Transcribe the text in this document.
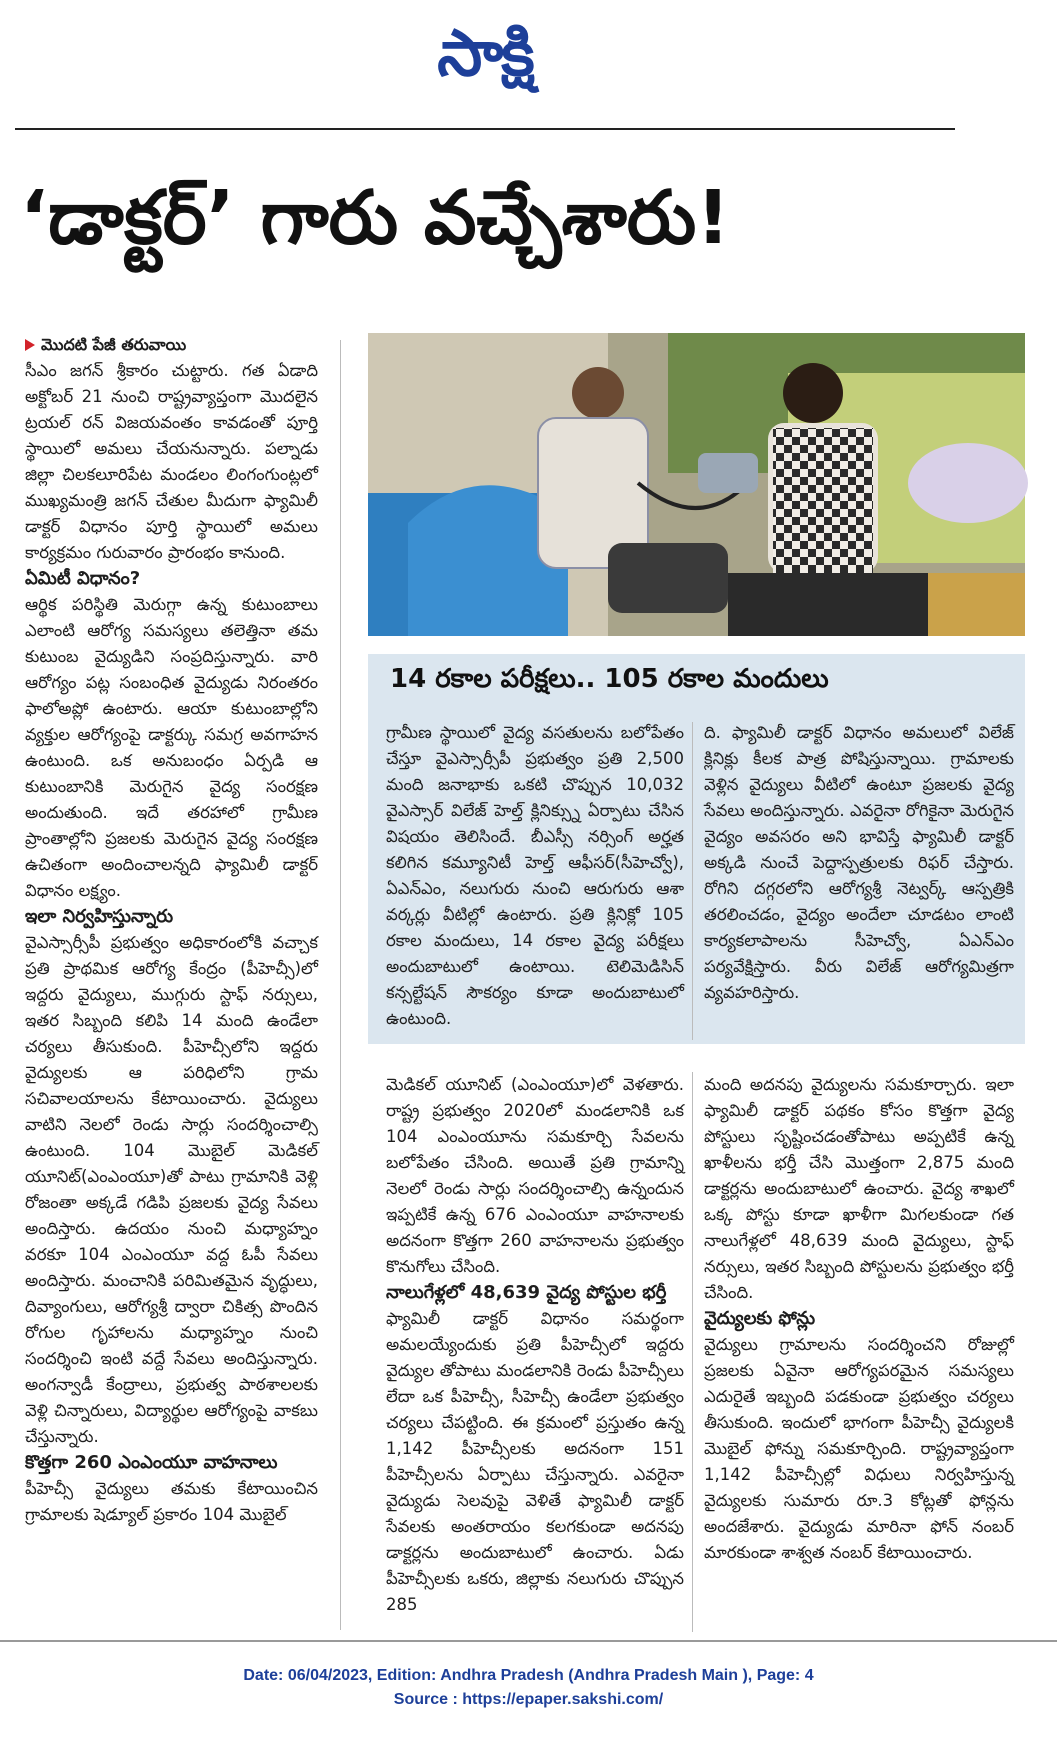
సాక్షి
‘డాక్టర్’ గారు వచ్చేశారు!
మొదటి పేజీ తరువాయి

సీఎం జగన్ శ్రీకారం చుట్టారు. గత ఏడాది అక్టోబర్ 21 నుంచి రాష్ట్రవ్యాప్తంగా మొదలైన ట్రయల్ రన్ విజయవంతం కావడంతో పూర్తి స్థాయిలో అమలు చేయనున్నారు. పల్నాడు జిల్లా చిలకలూరిపేట మండలం లింగంగుంట్లలో ముఖ్యమంత్రి జగన్ చేతుల మీదుగా ఫ్యామిలీ డాక్టర్ విధానం పూర్తి స్థాయిలో అమలు కార్యక్రమం గురువారం ప్రారంభం కానుంది.

ఏమిటీ విధానం?

ఆర్థిక పరిస్థితి మెరుగ్గా ఉన్న కుటుంబాలు ఎలాంటి ఆరోగ్య సమస్యలు తలెత్తినా తమ కుటుంబ వైద్యుడిని సంప్రదిస్తున్నారు. వారి ఆరోగ్యం పట్ల సంబంధిత వైద్యుడు నిరంతరం ఫాలోఅప్లో ఉంటారు. ఆయా కుటుంబాల్లోని వ్యక్తుల ఆరోగ్యంపై డాక్టర్కు సమగ్ర అవగాహన ఉంటుంది. ఒక అనుబంధం ఏర్పడి ఆ కుటుంబానికి మెరుగైన వైద్య సంరక్షణ అందుతుంది. ఇదే తరహాలో గ్రామీణ ప్రాంతాల్లోని ప్రజలకు మెరుగైన వైద్య సంరక్షణ ఉచితంగా అందించాలన్నది ఫ్యామిలీ డాక్టర్ విధానం లక్ష్యం.

ఇలా నిర్వహిస్తున్నారు

వైఎస్సార్సీపీ ప్రభుత్వం అధికారంలోకి వచ్చాక ప్రతి ప్రాథమిక ఆరోగ్య కేంద్రం (పీహెచ్సీ)లో ఇద్దరు వైద్యులు, ముగ్గురు స్టాఫ్ నర్సులు, ఇతర సిబ్బంది కలిపి 14 మంది ఉండేలా చర్యలు తీసుకుంది. పీహెచ్సీలోని ఇద్దరు వైద్యులకు ఆ పరిధిలోని గ్రామ సచివాలయాలను కేటాయించారు. వైద్యులు వాటిని నెలలో రెండు సార్లు సందర్శించాల్సి ఉంటుంది. 104 మొబైల్ మెడికల్ యూనిట్(ఎంఎంయూ)తో పాటు గ్రామానికి వెళ్లి రోజంతా అక్కడే గడిపి ప్రజలకు వైద్య సేవలు అందిస్తారు. ఉదయం నుంచి మధ్యాహ్నం వరకూ 104 ఎంఎంయూ వద్ద ఓపీ సేవలు అందిస్తారు. మంచానికి పరిమితమైన వృద్ధులు, దివ్యాంగులు, ఆరోగ్యశ్రీ ద్వారా చికిత్స పొందిన రోగుల గృహాలను మధ్యాహ్నం నుంచి సందర్శించి ఇంటి వద్దే సేవలు అందిస్తున్నారు. అంగన్వాడీ కేంద్రాలు, ప్రభుత్వ పాఠశాలలకు వెళ్లి చిన్నారులు, విద్యార్థుల ఆరోగ్యంపై వాకబు చేస్తున్నారు.

కొత్తగా 260 ఎంఎంయూ వాహనాలు

పీహెచ్సీ వైద్యులు తమకు కేటాయించిన గ్రామాలకు షెడ్యూల్ ప్రకారం 104 మొబైల్

14 రకాల పరీక్షలు.. 105 రకాల మందులు

గ్రామీణ స్థాయిలో వైద్య వసతులను బలోపేతం చేస్తూ వైఎస్సార్సీపీ ప్రభుత్వం ప్రతి 2,500 మంది జనాభాకు ఒకటి చొప్పున 10,032 వైఎస్సార్ విలేజ్ హెల్త్ క్లినిక్స్ను ఏర్పాటు చేసిన విషయం తెలిసిందే. బీఎస్సీ నర్సింగ్ అర్హత కలిగిన కమ్యూనిటీ హెల్త్ ఆఫీసర్(సీహెచ్వో), ఏఎన్ఎం, నలుగురు నుంచి ఆరుగురు ఆశా వర్కర్లు వీటిల్లో ఉంటారు. ప్రతి క్లినిక్లో 105 రకాల మందులు, 14 రకాల వైద్య పరీక్షలు అందుబాటులో ఉంటాయి. టెలిమెడిసిన్ కన్సల్టేషన్ సౌకర్యం కూడా అందుబాటులో ఉంటుంది.

ది. ఫ్యామిలీ డాక్టర్ విధానం అమలులో విలేజ్ క్లినిక్లు కీలక పాత్ర పోషిస్తున్నాయి. గ్రామాలకు వెళ్లిన వైద్యులు వీటిలో ఉంటూ ప్రజలకు వైద్య సేవలు అందిస్తున్నారు. ఎవరైనా రోగికైనా మెరుగైన వైద్యం అవసరం అని భావిస్తే ఫ్యామిలీ డాక్టర్ అక్కడి నుంచే పెద్దాస్పత్రులకు రిఫర్ చేస్తారు. రోగిని దగ్గరలోని ఆరోగ్యశ్రీ నెట్వర్క్ ఆస్పత్రికి తరలించడం, వైద్యం అందేలా చూడటం లాంటి కార్యకలాపాలను సీహెచ్వో, ఏఎన్ఎం పర్యవేక్షిస్తారు. వీరు విలేజ్ ఆరోగ్యమిత్రగా వ్యవహరిస్తారు.

మెడికల్ యూనిట్ (ఎంఎంయూ)లో వెళతారు. రాష్ట్ర ప్రభుత్వం 2020లో మండలానికి ఒక 104 ఎంఎంయూను సమకూర్చి సేవలను బలోపేతం చేసింది. అయితే ప్రతి గ్రామాన్ని నెలలో రెండు సార్లు సందర్శించాల్సి ఉన్నందున ఇప్పటికే ఉన్న 676 ఎంఎంయూ వాహనాలకు అదనంగా కొత్తగా 260 వాహనాలను ప్రభుత్వం కొనుగోలు చేసింది.

నాలుగేళ్లలో 48,639 వైద్య పోస్టుల భర్తీ

ఫ్యామిలీ డాక్టర్ విధానం సమర్థంగా అమలయ్యేందుకు ప్రతి పీహెచ్సీలో ఇద్దరు వైద్యుల తోపాటు మండలానికి రెండు పీహెచ్సీలు లేదా ఒక పీహెచ్సీ, సీహెచ్సీ ఉండేలా ప్రభుత్వం చర్యలు చేపట్టింది. ఈ క్రమంలో ప్రస్తుతం ఉన్న 1,142 పీహెచ్సీలకు అదనంగా 151 పీహెచ్సీలను ఏర్పాటు చేస్తున్నారు. ఎవరైనా వైద్యుడు సెలవుపై వెళితే ఫ్యామిలీ డాక్టర్ సేవలకు అంతరాయం కలగకుండా అదనపు డాక్టర్లను అందుబాటులో ఉంచారు. ఏడు పీహెచ్సీలకు ఒకరు, జిల్లాకు నలుగురు చొప్పున 285

మంది అదనపు వైద్యులను సమకూర్చారు. ఇలా ఫ్యామిలీ డాక్టర్ పథకం కోసం కొత్తగా వైద్య పోస్టులు సృష్టించడంతోపాటు అప్పటికే ఉన్న ఖాళీలను భర్తీ చేసి మొత్తంగా 2,875 మంది డాక్టర్లను అందుబాటులో ఉంచారు. వైద్య శాఖలో ఒక్క పోస్టు కూడా ఖాళీగా మిగలకుండా గత నాలుగేళ్లలో 48,639 మంది వైద్యులు, స్టాఫ్ నర్సులు, ఇతర సిబ్బంది పోస్టులను ప్రభుత్వం భర్తీ చేసింది.

వైద్యులకు ఫోన్లు

వైద్యులు గ్రామాలను సందర్శించని రోజుల్లో ప్రజలకు ఏవైనా ఆరోగ్యపరమైన సమస్యలు ఎదురైతే ఇబ్బంది పడకుండా ప్రభుత్వం చర్యలు తీసుకుంది. ఇందులో భాగంగా పీహెచ్సీ వైద్యులకి మొబైల్ ఫోన్ను సమకూర్చింది. రాష్ట్రవ్యాప్తంగా 1,142 పీహెచ్సీల్లో విధులు నిర్వహిస్తున్న వైద్యులకు సుమారు రూ.3 కోట్లతో ఫోన్లను అందజేశారు. వైద్యుడు మారినా ఫోన్ నంబర్ మారకుండా శాశ్వత నంబర్ కేటాయించారు.

Date: 06/04/2023, Edition: Andhra Pradesh (Andhra Pradesh Main ), Page: 4
Source : https://epaper.sakshi.com/
